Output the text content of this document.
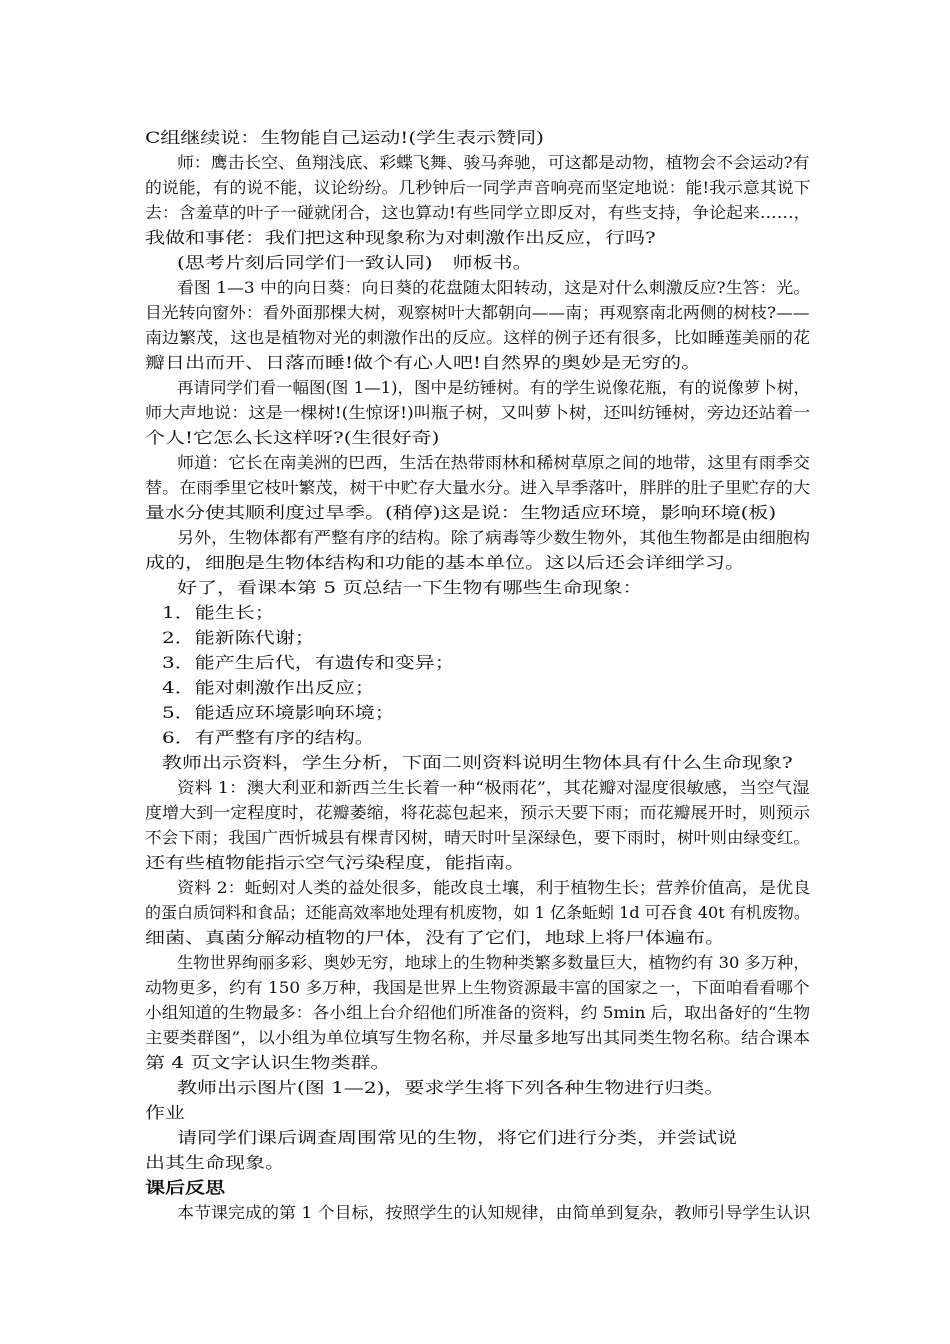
C组继续说：生物能自己运动!(学生表示赞同)
师：鹰击长空、鱼翔浅底、彩蝶飞舞、骏马奔驰，可这都是动物，植物会不会运动?有
的说能，有的说不能，议论纷纷。几秒钟后一同学声音响亮而坚定地说：能!我示意其说下
去：含羞草的叶子一碰就闭合，这也算动!有些同学立即反对，有些支持，争论起来……，
我做和事佬：我们把这种现象称为对刺激作出反应，行吗?
(思考片刻后同学们一致认同)　师板书。
看图 1—3 中的向日葵：向日葵的花盘随太阳转动，这是对什么刺激反应?生答：光。
目光转向窗外：看外面那棵大树，观察树叶大都朝向——南；再观察南北两侧的树枝?——
南边繁茂，这也是植物对光的刺激作出的反应。这样的例子还有很多，比如睡莲美丽的花
瓣日出而开、日落而睡!做个有心人吧!自然界的奥妙是无穷的。
再请同学们看一幅图(图 1—1)，图中是纺锤树。有的学生说像花瓶，有的说像萝卜树，
师大声地说：这是一棵树!(生惊讶!)叫瓶子树，又叫萝卜树，还叫纺锤树，旁边还站着一
个人!它怎么长这样呀?(生很好奇)
师道：它长在南美洲的巴西，生活在热带雨林和稀树草原之间的地带，这里有雨季交
替。在雨季里它枝叶繁茂，树干中贮存大量水分。进入旱季落叶，胖胖的肚子里贮存的大
量水分使其顺利度过旱季。(稍停)这是说：生物适应环境，影响环境(板)
另外，生物体都有严整有序的结构。除了病毒等少数生物外，其他生物都是由细胞构
成的，细胞是生物体结构和功能的基本单位。这以后还会详细学习。
好了，看课本第 5 页总结一下生物有哪些生命现象：
1．能生长；
2．能新陈代谢；
3．能产生后代，有遗传和变异；
4．能对刺激作出反应；
5．能适应环境影响环境；
6．有严整有序的结构。
教师出示资料，学生分析，下面二则资料说明生物体具有什么生命现象?
资料 1：澳大利亚和新西兰生长着一种“极雨花”，其花瓣对湿度很敏感，当空气湿
度增大到一定程度时，花瓣萎缩，将花蕊包起来，预示天要下雨；而花瓣展开时，则预示
不会下雨；我国广西忻城县有棵青冈树，晴天时叶呈深绿色，要下雨时，树叶则由绿变红。
还有些植物能指示空气污染程度，能指南。
资料 2：蚯蚓对人类的益处很多，能改良土壤，利于植物生长；营养价值高，是优良
的蛋白质饲料和食品；还能高效率地处理有机废物，如 1 亿条蚯蚓 1d 可吞食 40t 有机废物。
细菌、真菌分解动植物的尸体，没有了它们，地球上将尸体遍布。
生物世界绚丽多彩、奥妙无穷，地球上的生物种类繁多数量巨大，植物约有 30 多万种，
动物更多，约有 150 多万种，我国是世界上生物资源最丰富的国家之一，下面咱看看哪个
小组知道的生物最多：各小组上台介绍他们所准备的资料，约 5min 后，取出备好的“生物
主要类群图”，以小组为单位填写生物名称，并尽量多地写出其同类生物名称。结合课本
第 4 页文字认识生物类群。
教师出示图片(图 1—2)，要求学生将下列各种生物进行归类。
作业
请同学们课后调查周围常见的生物，将它们进行分类，并尝试说
出其生命现象。
课后反思
本节课完成的第 1 个目标，按照学生的认知规律，由简单到复杂，教师引导学生认识
